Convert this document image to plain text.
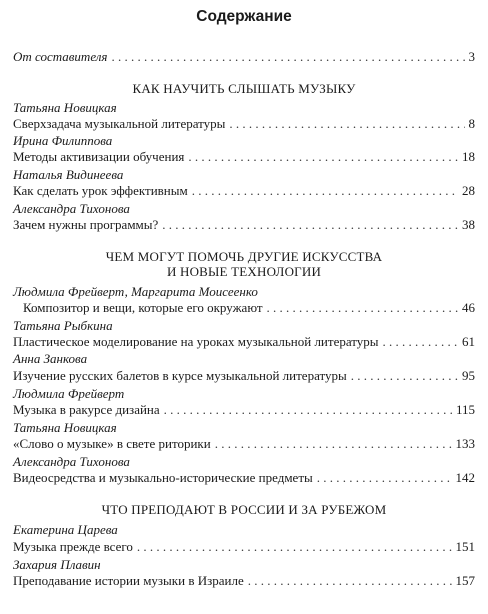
Содержание
От составителя . . .	3
КАК НАУЧИТЬ СЛЫШАТЬ МУЗЫКУ
Татьяна Новицкая
Сверхзадача музыкальной литературы . . .	8
Ирина Филиппова
Методы активизации обучения . . .	18
Наталья Видинеева
Как сделать урок эффективным . . .	28
Александра Тихонова
Зачем нужны программы? . . .	38
ЧЕМ МОГУТ ПОМОЧЬ ДРУГИЕ ИСКУССТВА
И НОВЫЕ ТЕХНОЛОГИИ
Людмила Фрейверт, Маргарита Моисеенко
Композитор и вещи, которые его окружают . . .	46
Татьяна Рыбкина
Пластическое моделирование на уроках музыкальной литературы . . .	61
Анна Занкова
Изучение русских балетов в курсе музыкальной литературы . . .	95
Людмила Фрейверт
Музыка в ракурсе дизайна . . .	115
Татьяна Новицкая
«Слово о музыке» в свете риторики . . .	133
Александра Тихонова
Видеосредства и музыкально-исторические предметы . . .	142
ЧТО ПРЕПОДАЮТ В РОССИИ И ЗА РУБЕЖОМ
Екатерина Царева
Музыка прежде всего . . .	151
Захария Плавин
Преподавание истории музыки в Израиле . . .	157
